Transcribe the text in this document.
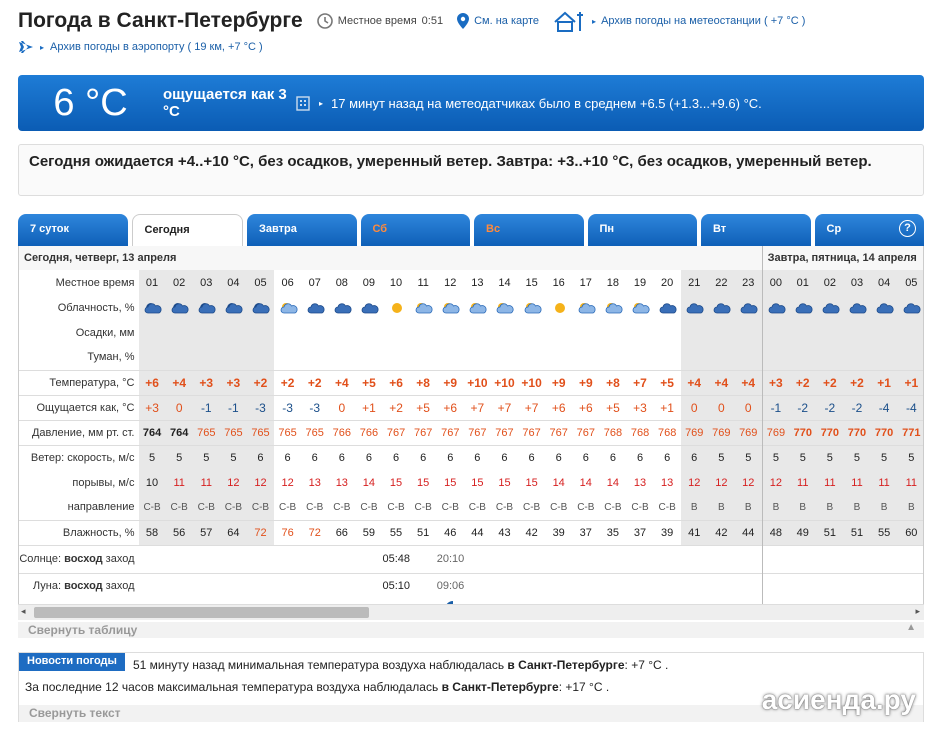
Погода в Санкт-Петербурге	Местное время 0:51	См. на карте	▸ Архив погоды на метеостанции ( +7 °C )
▸ Архив погоды в аэропорту ( 19 км, +7 °C )
6 °C	ощущается как 3 °C	▸ 17 минут назад на метеодатчиках было в среднем +6.5 (+1.3...+9.6) °C.
Сегодня ожидается +4..+10 °C, без осадков, умеренный ветер. Завтра: +3..+10 °C, без осадков, умеренный ветер.
7 суток	Сегодня	Завтра	Сб	Вс	Пн	Вт	Ср	?
Сегодня, четверг, 13 апреля																								Завтра, пятница, 14 апреля					
Местное время	01	02	03	04	05	06	07	08	09	10	11	12	13	14	15	16	17	18	19	20	21	22	23	00	01	02	03	04	05
Облачность, %																													
Осадки, мм																													
Туман, %																													
Температура, °C	+6	+4	+3	+3	+2	+2	+2	+4	+5	+6	+8	+9	+10	+10	+10	+9	+9	+8	+7	+5	+4	+4	+4	+3	+2	+2	+2	+1	+1
Ощущается как, °C	+3	0	-1	-1	-3	-3	-3	0	+1	+2	+5	+6	+7	+7	+7	+6	+6	+5	+3	+1	0	0	0	-1	-2	-2	-2	-4	-4
Давление, мм рт. ст.	764	764	765	765	765	765	765	766	766	767	767	767	767	767	767	767	767	768	768	768	769	769	769	769	770	770	770	770	771
Ветер: скорость, м/с	5	5	5	5	6	6	6	6	6	6	6	6	6	6	6	6	6	6	6	6	6	5	5	5	5	5	5	5	5
порывы, м/с	10	11	11	12	12	12	13	13	14	15	15	15	15	15	15	14	14	14	13	13	12	12	12	12	11	11	11	11	11
направление	С-В	С-В	С-В	С-В	С-В	С-В	С-В	С-В	С-В	С-В	С-В	С-В	С-В	С-В	С-В	С-В	С-В	С-В	С-В	С-В	В	В	В	В	В	В	В	В	В
Влажность, %	58	56	57	64	72	76	72	66	59	55	51	46	44	43	42	39	37	35	37	39	41	42	44	48	49	51	51	55	60
Солнце: восход заход										05:48		20:10																	
Луна: восход заход										05:10		09:06																	

◂	▸
Свернуть таблицу	▲
Новости погоды	51 минуту назад минимальная температура воздуха наблюдалась в Санкт-Петербурге: +7 °C .
За последние 12 часов максимальная температура воздуха наблюдалась в Санкт-Петербурге: +17 °C .
Свернуть текст	асиенда.ру
